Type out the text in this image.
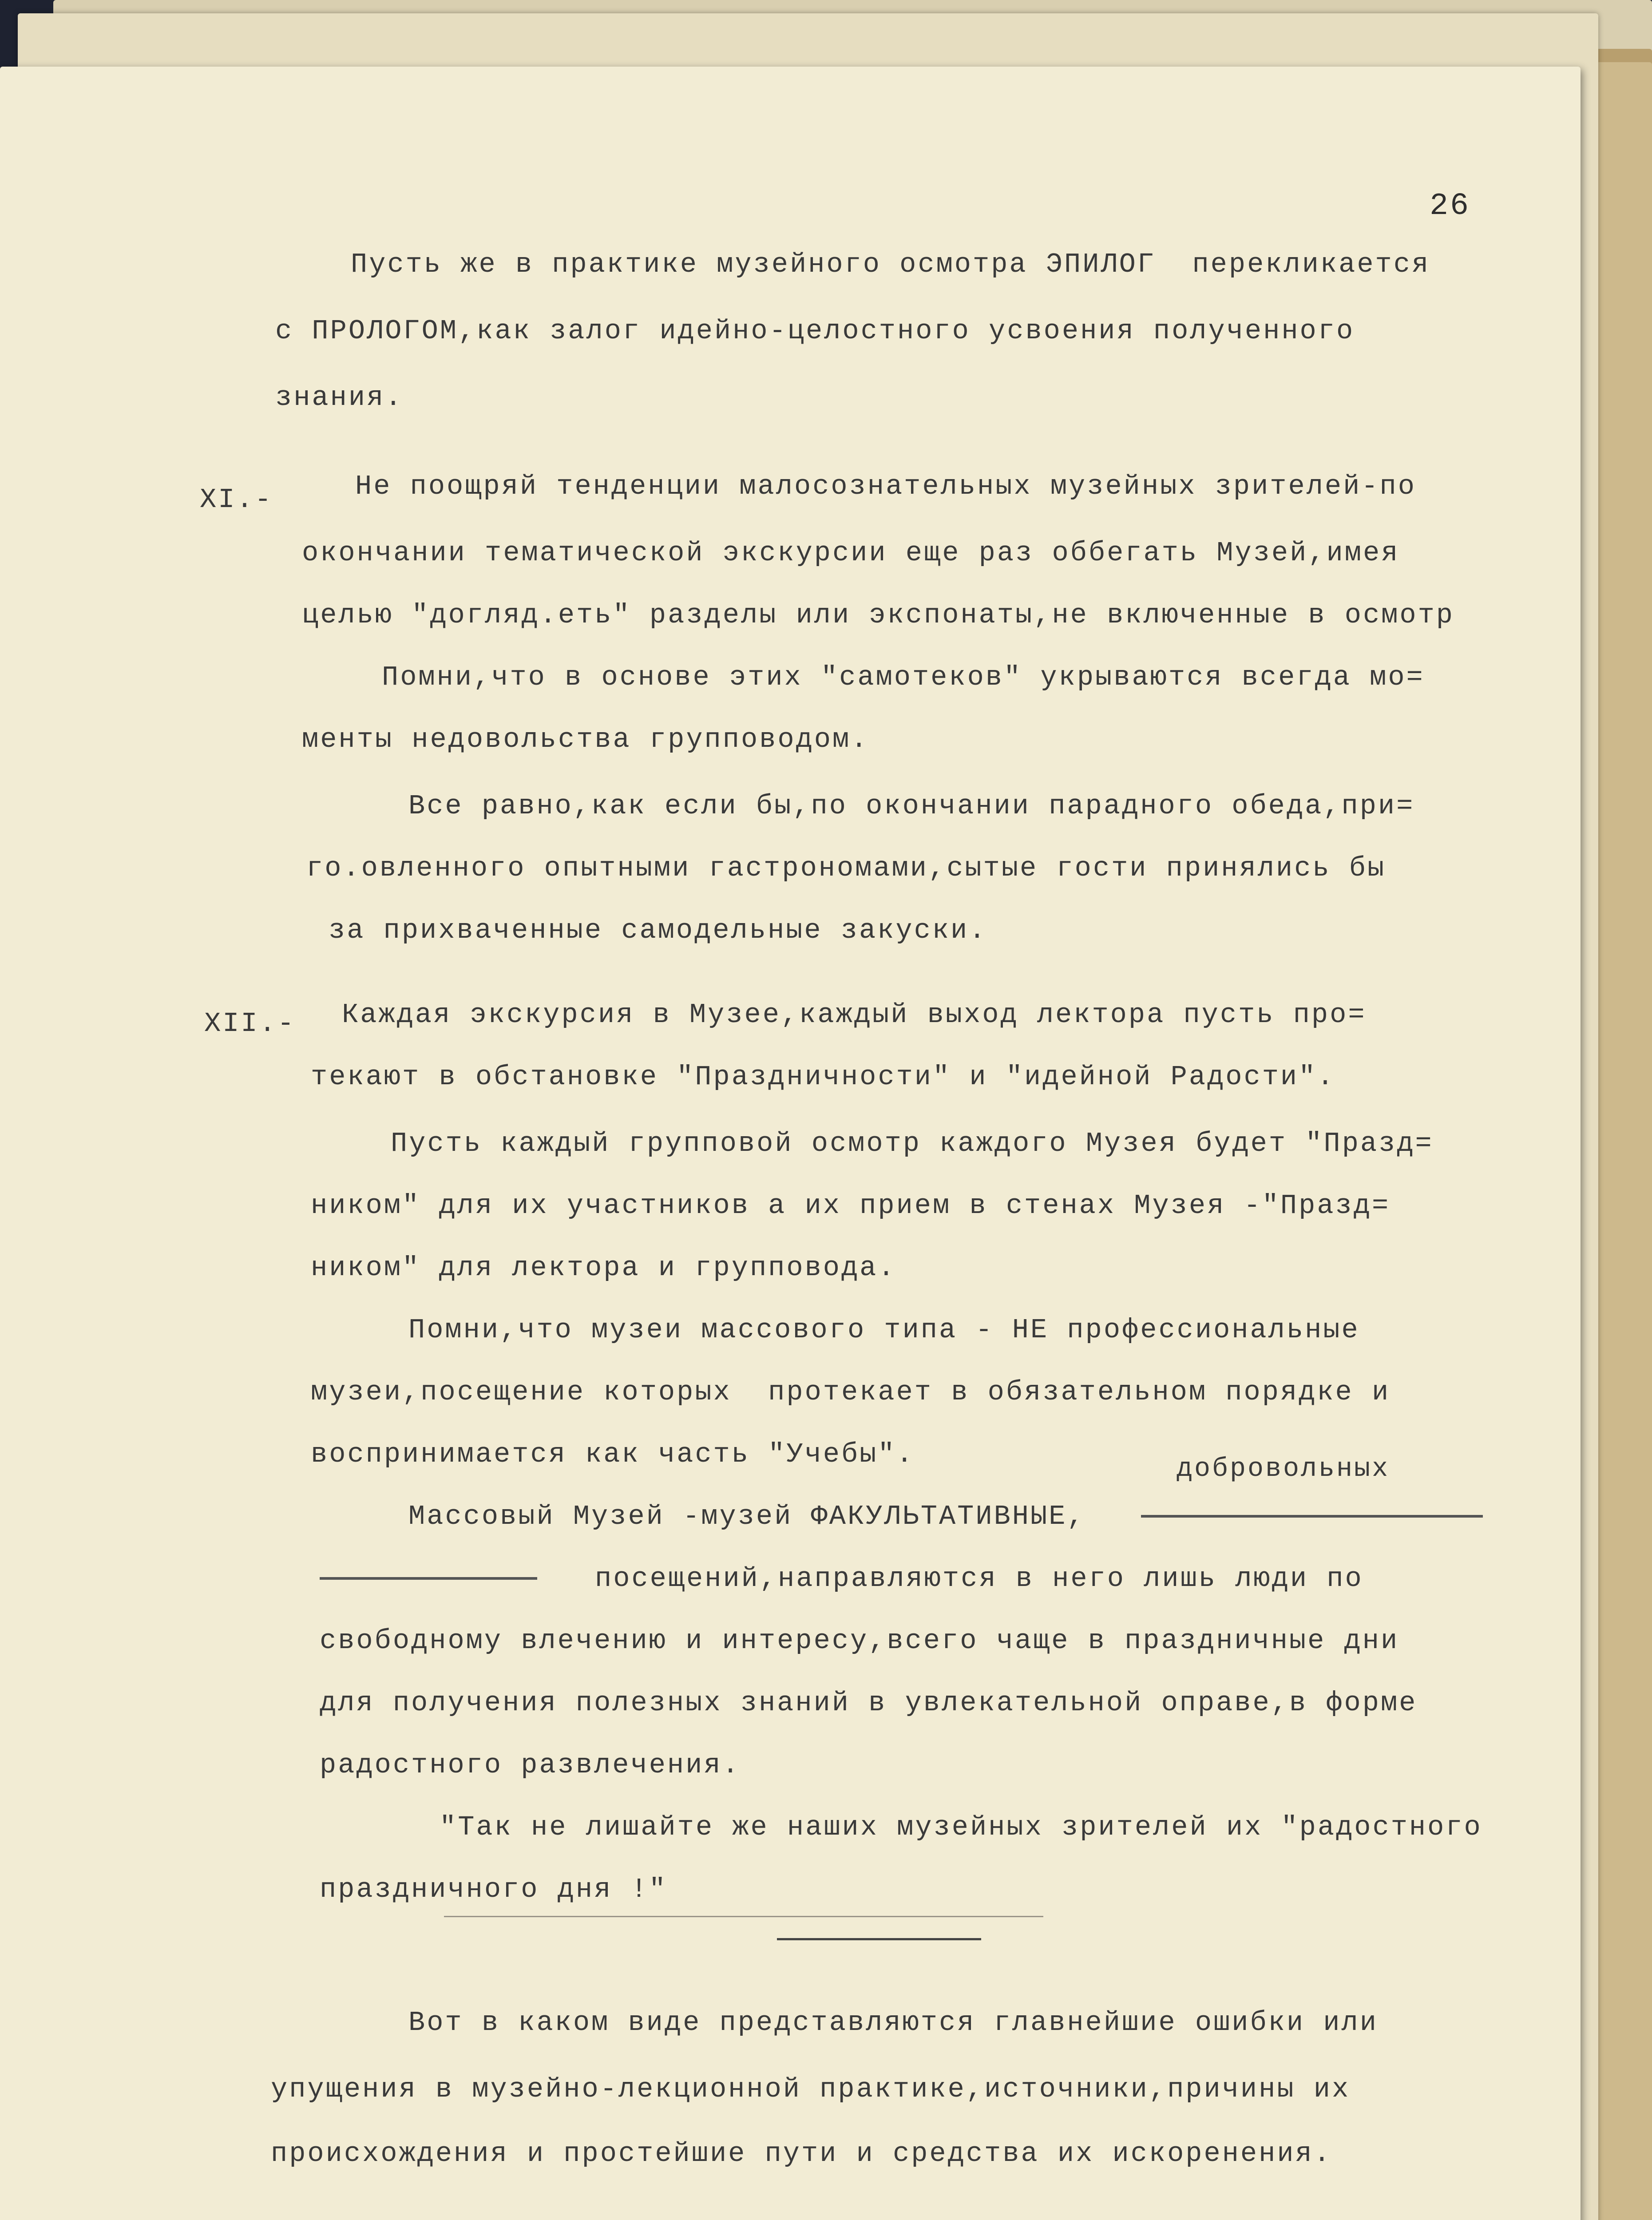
26
Пусть же в практике музейного осмотра ЭПИЛОГ  перекликается
с ПРОЛОГОМ,как залог идейно-целостного усвоения полученного
знания.
XI.-	Не поощряй тенденции малосознательных музейных зрителей-по
окончании тематической экскурсии еще раз оббегать Музей,имея
целью "догляд.еть" разделы или экспонаты,не включенные в осмотр
Помни,что в основе этих "самотеков" укрываются всегда мо=
менты недовольства групповодом.
Все равно,как если бы,по окончании парадного обеда,при=
го.овленного опытными гастрономами,сытые гости принялись бы
за прихваченные самодельные закуски.
XII.- Каждая экскурсия в Музее,каждый выход лектора пусть про=
текают в обстановке "Праздничности" и "идейной Радости".
Пусть каждый групповой осмотр каждого Музея будет "Празд=
ником" для их участников а их прием в стенах Музея -"Празд=
ником" для лектора и групповода.
Помни,что музеи массового типа - НЕ профессиональные
музеи,посещение которых  протекает в обязательном порядке и
воспринимается как часть "Учебы".	добровольных
Массовый Музей -музей ФАКУЛЬТАТИВНЫЕ,

посещений,направляются в него лишь люди по
свободному влечению и интересу,всего чаще в праздничные дни
для получения полезных знаний в увлекательной оправе,в форме
радостного развлечения.
"Так не лишайте же наших музейных зрителей их "радостного
праздничного дня !"
Вот в каком виде представляются главнейшие ошибки или
упущения в музейно-лекционной практике,источники,причины их
происхождения и простейшие пути и средства их искоренения.
